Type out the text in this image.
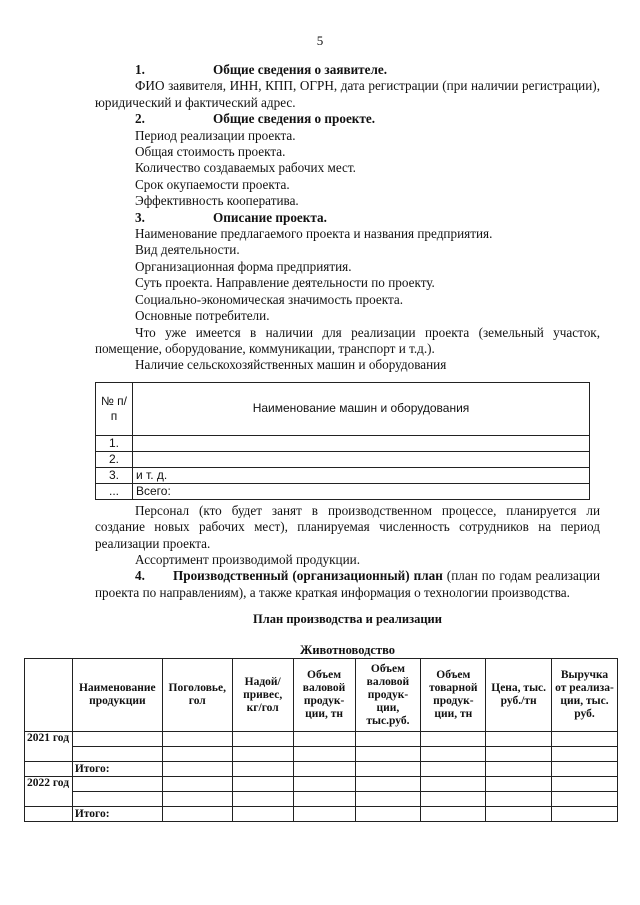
5

1.	Общие сведения о заявителе.

ФИО заявителя, ИНН, КПП, ОГРН, дата регистрации (при наличии регистрации), юридический и фактический адрес.

2.	Общие сведения о проекте.

Период реализации проекта.

Общая стоимость проекта.

Количество создаваемых рабочих мест.

Срок окупаемости проекта.

Эффективность кооператива.

3.	Описание проекта.

Наименование предлагаемого проекта и названия предприятия.

Вид деятельности.

Организационная форма предприятия.

Суть проекта. Направление деятельности по проекту.

Социально-экономическая значимость проекта.

Основные потребители.

Что уже имеется в наличии для реализации проекта (земельный участок, помещение, оборудование, коммуникации, транспорт и т.д.).

Наличие сельскохозяйственных машин и оборудования

№ п/п	Наименование машин и оборудования
1.	
2.	
3.	и т. д.
...	Всего:

Персонал (кто будет занят в производственном процессе, планируется ли создание новых рабочих мест), планируемая численность сотрудников на период реализации проекта.

Ассортимент производимой продукции.

4. Производственный (организационный) план (план по годам реализации проекта по направлениям), а также краткая информация о технологии производства.

План производства и реализации

Животноводство

	Наименование продукции	Поголовье, гол	Надой/ привес, кг/гол	Объем валовой продук- ции, тн	Объем валовой продук- ции, тыс.руб.	Объем товарной продук- ции, тн	Цена, тыс. руб./тн	Выручка от реализа- ции, тыс. руб.
2021 год								

	Итого:							
2022 год								

	Итого:							
